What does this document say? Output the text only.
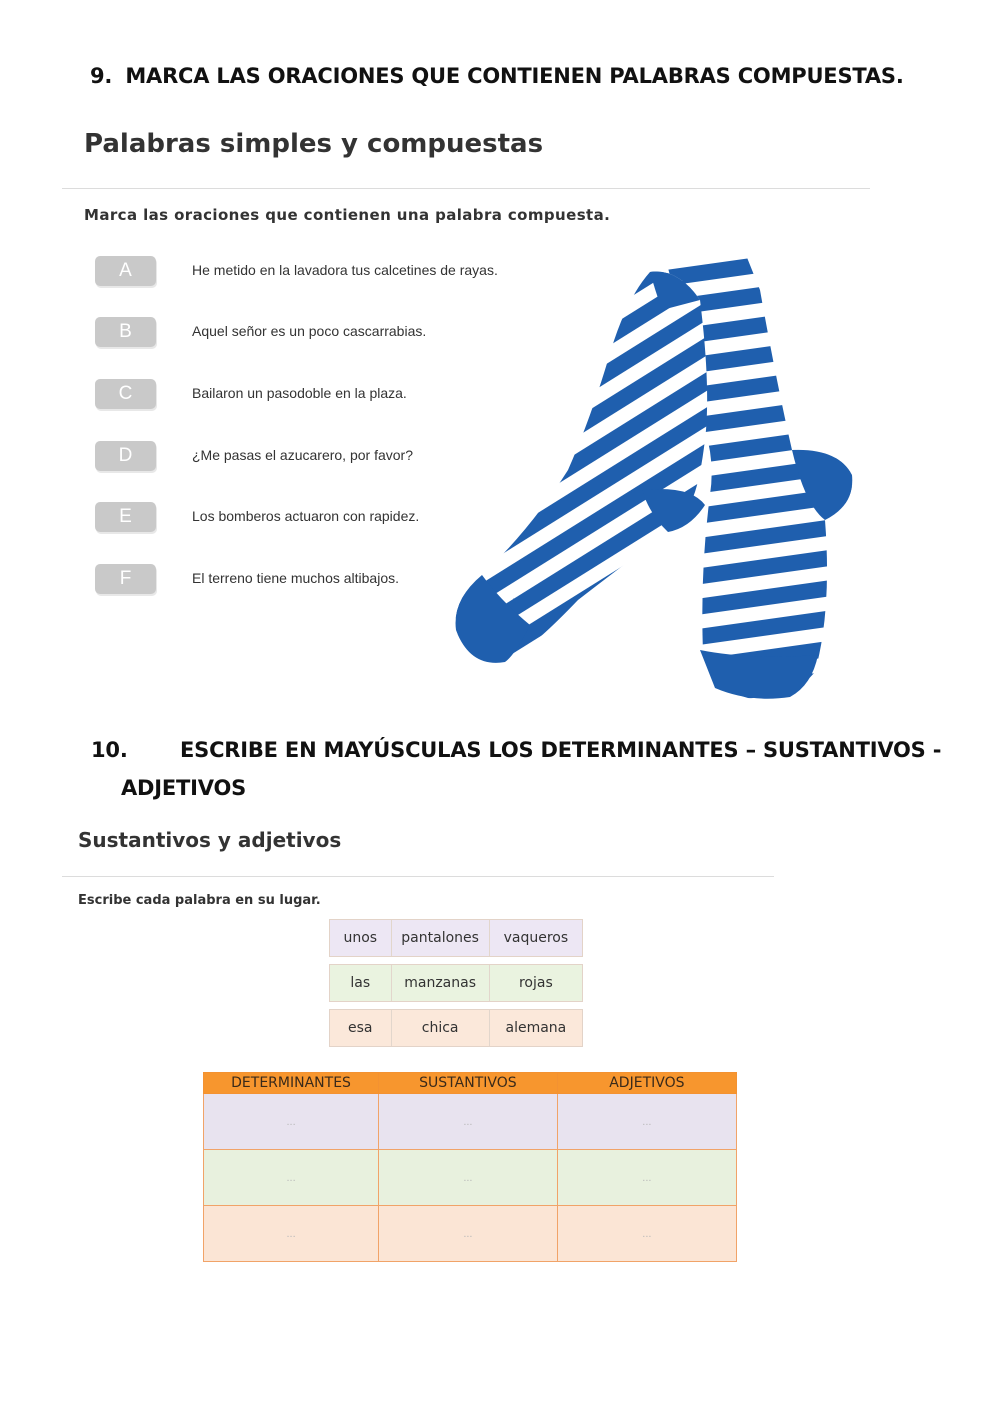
9. MARCA LAS ORACIONES QUE CONTIENEN PALABRAS COMPUESTAS.
Palabras simples y compuestas
Marca las oraciones que contienen una palabra compuesta.
A	He metido en la lavadora tus calcetines de rayas.
B	Aquel señor es un poco cascarrabias.
C	Bailaron un pasodoble en la plaza.
D	¿Me pasas el azucarero, por favor?
E	Los bomberos actuaron con rapidez.
F	El terreno tiene muchos altibajos.
10. ESCRIBE EN MAYÚSCULAS LOS DETERMINANTES – SUSTANTIVOS -
ADJETIVOS
Sustantivos y adjetivos
Escribe cada palabra en su lugar.
unos	pantalones	vaqueros
las	manzanas	rojas
esa	chica	alemana
DETERMINANTES	SUSTANTIVOS	ADJETIVOS
...	...	...
...	...	...
...	...	...
